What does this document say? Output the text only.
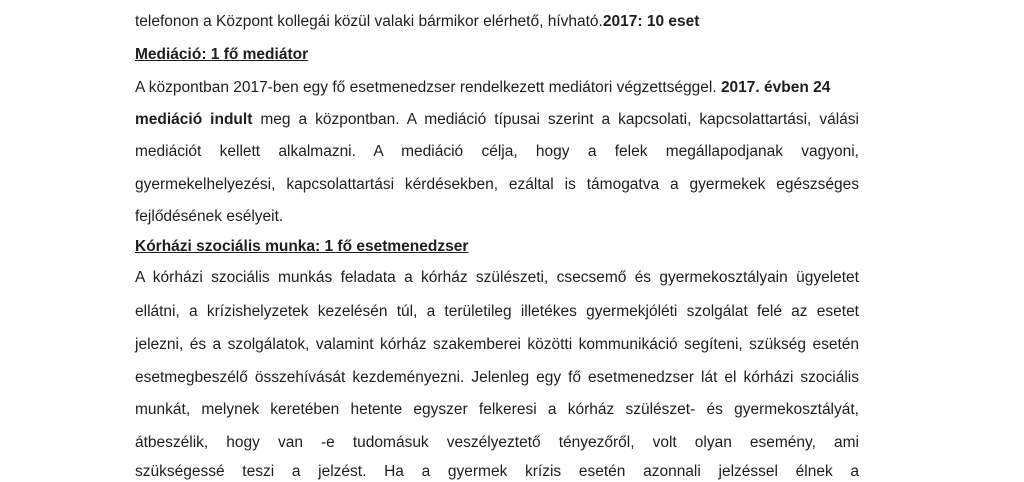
telefonon a Központ kollegái közül valaki bármikor elérhető, hívható.2017: 10 eset
Mediáció: 1 fő mediátor
A központban 2017-ben egy fő esetmenedzser rendelkezett mediátori végzettséggel. 2017. évben 24
mediáció indult meg a központban. A mediáció típusai szerint a kapcsolati, kapcsolattartási, válási
mediációt kellett alkalmazni. A mediáció célja, hogy a felek megállapodjanak vagyoni,
gyermekelhelyezési, kapcsolattartási kérdésekben, ezáltal is támogatva a gyermekek egészséges
fejlődésének esélyeit.
Kórházi szociális munka: 1 fő esetmenedzser
A kórházi szociális munkás feladata a kórház szülészeti, csecsemő és gyermekosztályain ügyeletet
ellátni, a krízishelyzetek kezelésén túl, a területileg illetékes gyermekjóléti szolgálat felé az esetet
jelezni, és a szolgálatok, valamint kórház szakemberei közötti kommunikáció segíteni, szükség esetén
esetmegbeszélő összehívását kezdeményezni. Jelenleg egy fő esetmenedzser lát el kórházi szociális
munkát, melynek keretében hetente egyszer felkeresi a kórház szülészet- és gyermekosztályát,
átbeszélik, hogy van -e tudomásuk veszélyeztető tényezőről, volt olyan esemény, ami
szükségessé teszi a jelzést. Ha a gyermek krízis esetén azonnali jelzéssel élnek a
